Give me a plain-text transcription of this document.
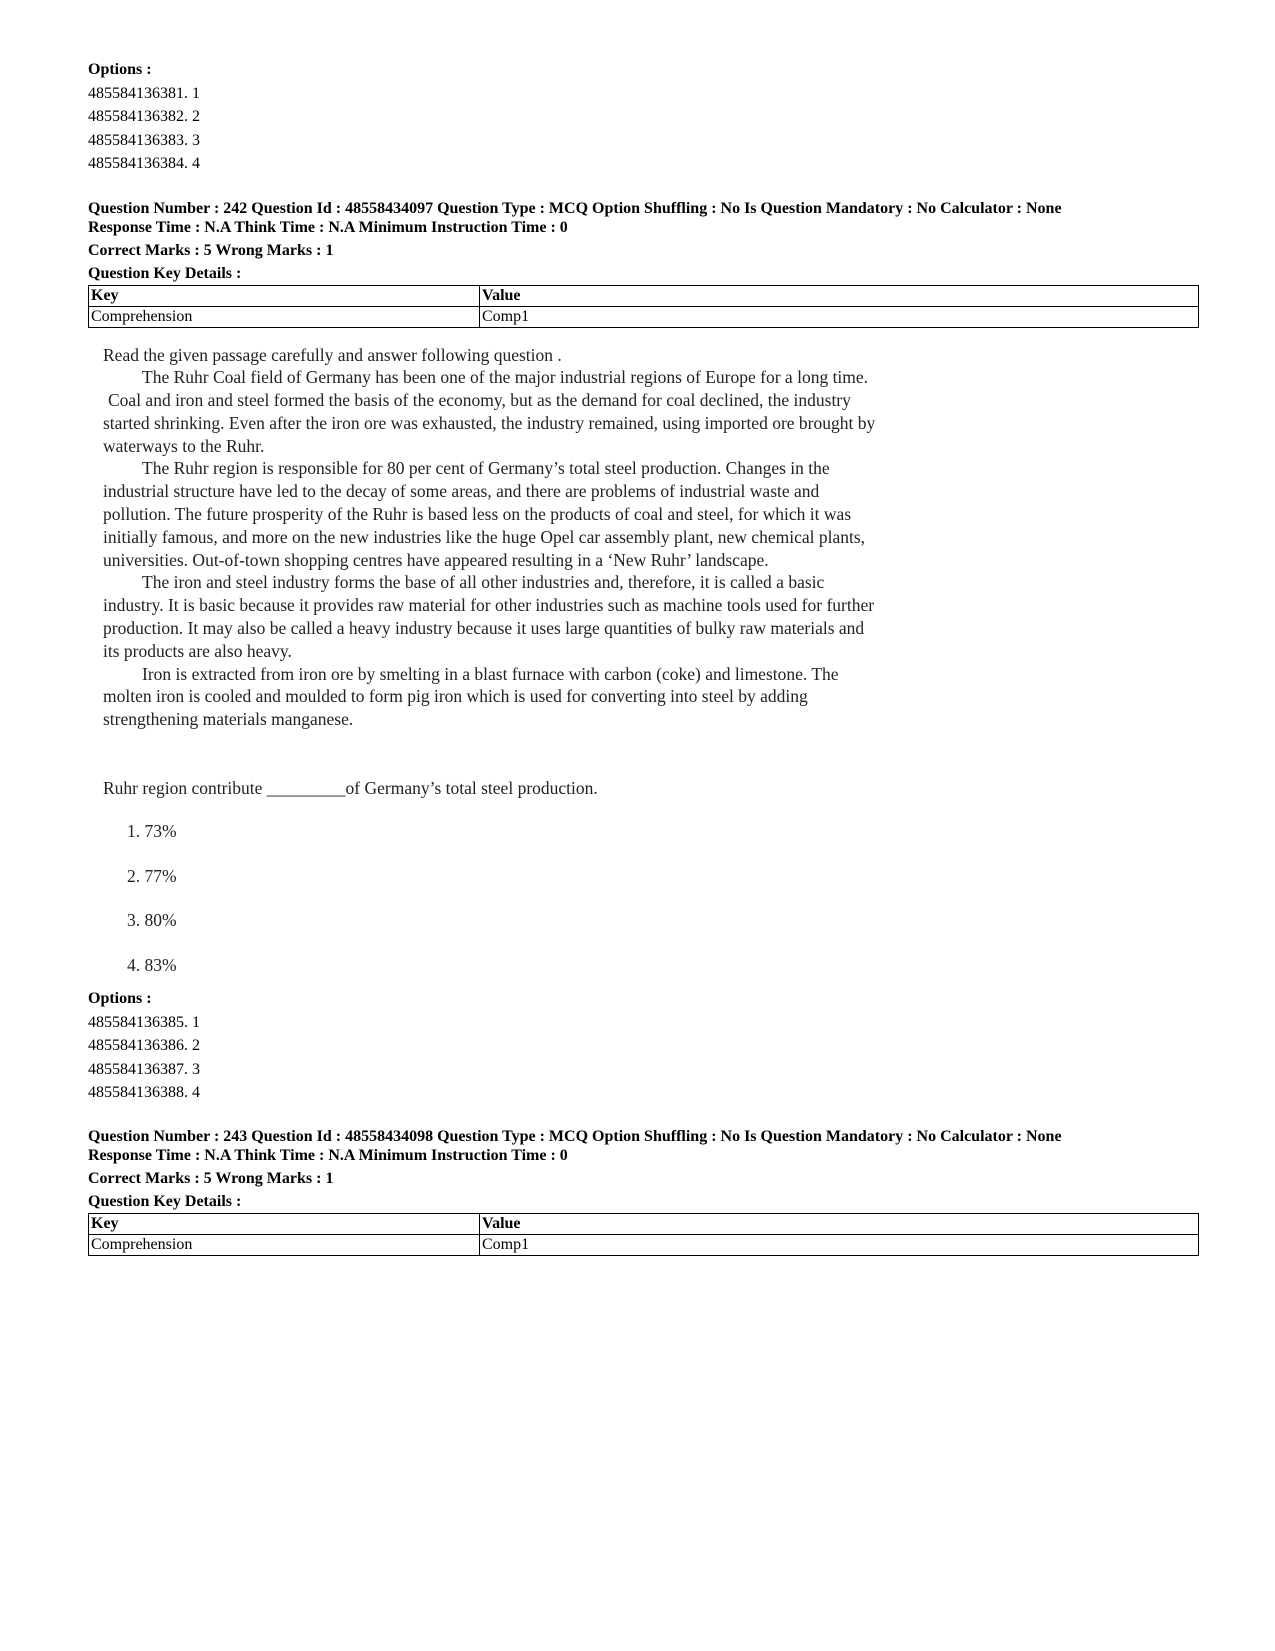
Options :
485584136381. 1
485584136382. 2
485584136383. 3
485584136384. 4
Question Number : 242 Question Id : 48558434097 Question Type : MCQ Option Shuffling : No Is Question Mandatory : No Calculator : None
Response Time : N.A Think Time : N.A Minimum Instruction Time : 0
Correct Marks : 5 Wrong Marks : 1
Question Key Details :
Key	Value
Comprehension	Comp1

Read the given passage carefully and answer following question .

The Ruhr Coal field of Germany has been one of the major industrial regions of Europe for a long time.

Coal and iron and steel formed the basis of the economy, but as the demand for coal declined, the industry

started shrinking. Even after the iron ore was exhausted, the industry remained, using imported ore brought by

waterways to the Ruhr.

The Ruhr region is responsible for 80 per cent of Germany’s total steel production. Changes in the

industrial structure have led to the decay of some areas, and there are problems of industrial waste and

pollution. The future prosperity of the Ruhr is based less on the products of coal and steel, for which it was

initially famous, and more on the new industries like the huge Opel car assembly plant, new chemical plants,

universities. Out-of-town shopping centres have appeared resulting in a ‘New Ruhr’ landscape.

The iron and steel industry forms the base of all other industries and, therefore, it is called a basic

industry. It is basic because it provides raw material for other industries such as machine tools used for further

production. It may also be called a heavy industry because it uses large quantities of bulky raw materials and

its products are also heavy.

Iron is extracted from iron ore by smelting in a blast furnace with carbon (coke) and limestone. The

molten iron is cooled and moulded to form pig iron which is used for converting into steel by adding

strengthening materials manganese.

Ruhr region contribute _________of Germany’s total steel production.
1. 73%
2. 77%
3. 80%
4. 83%
Options :
485584136385. 1
485584136386. 2
485584136387. 3
485584136388. 4
Question Number : 243 Question Id : 48558434098 Question Type : MCQ Option Shuffling : No Is Question Mandatory : No Calculator : None
Response Time : N.A Think Time : N.A Minimum Instruction Time : 0
Correct Marks : 5 Wrong Marks : 1
Question Key Details :
Key	Value
Comprehension	Comp1
